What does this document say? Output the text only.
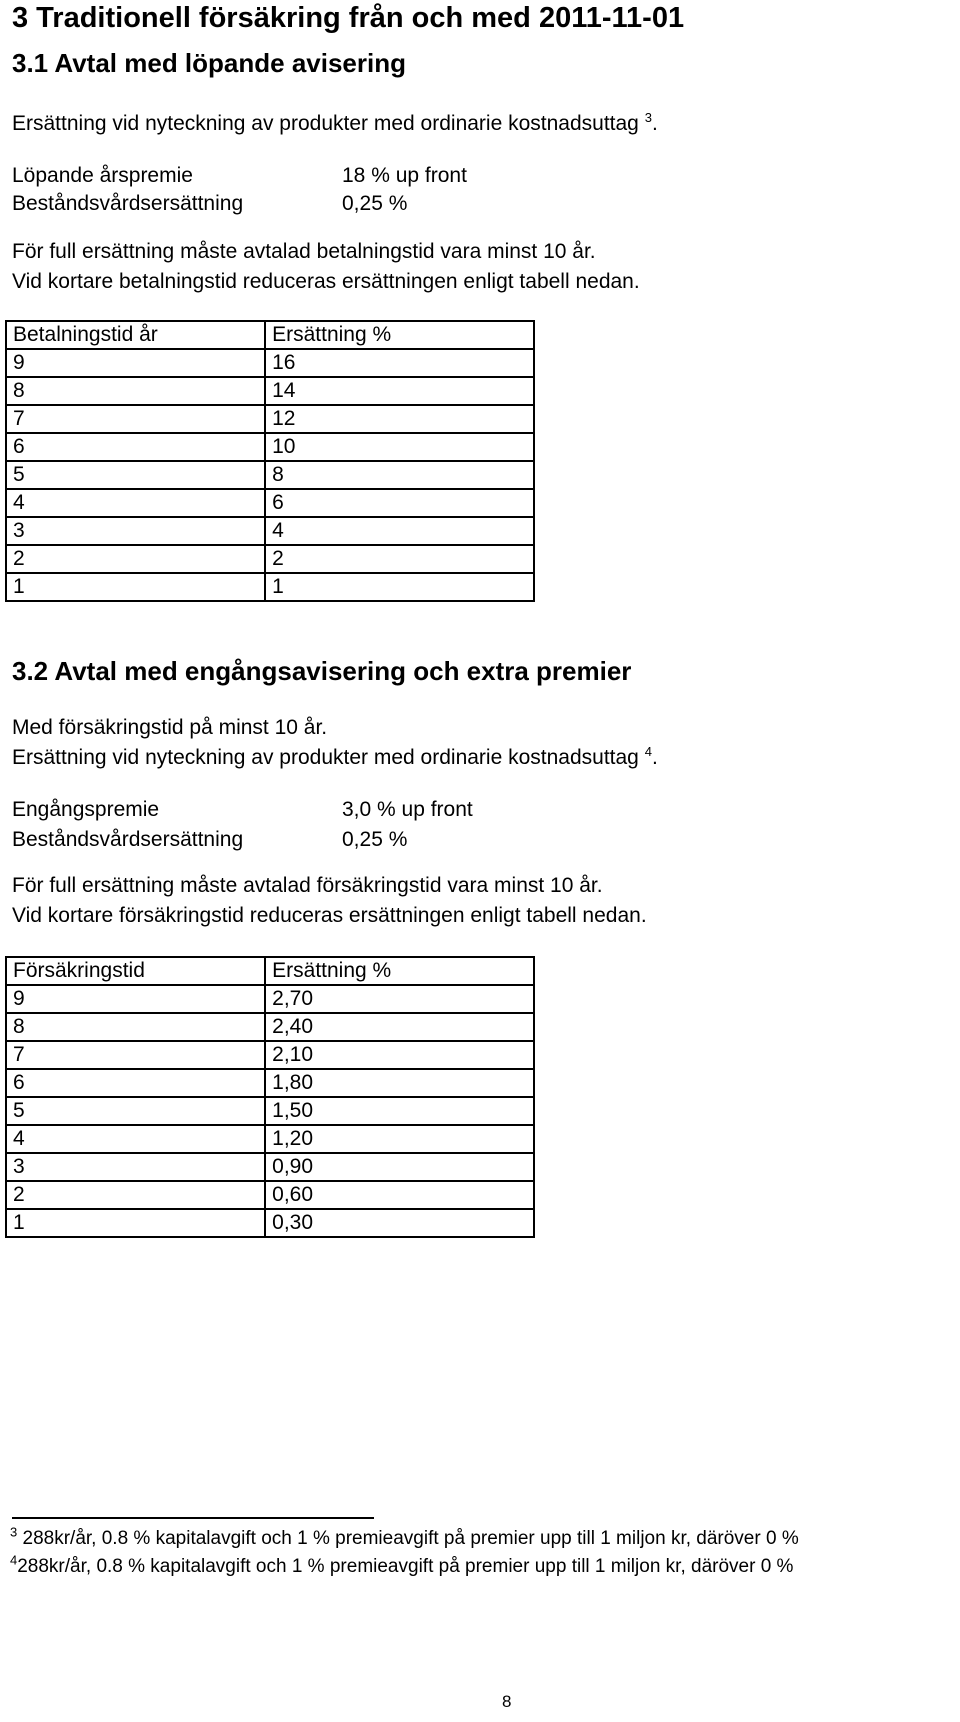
3 Traditionell försäkring från och med 2011-11-01
3.1 Avtal med löpande avisering
Ersättning vid nyteckning av produkter med ordinarie kostnadsuttag $^3$.
Löpande årspremie	18 % up front
Beståndsvårdsersättning	0,25 %
För full ersättning måste avtalad betalningstid vara minst 10 år.
Vid kortare betalningstid reduceras ersättningen enligt tabell nedan.
Betalningstid år	Ersättning %
9	16
8	14
7	12
6	10
5	8
4	6
3	4
2	2
1	1
3.2 Avtal med engångsavisering och extra premier
Med försäkringstid på minst 10 år.
Ersättning vid nyteckning av produkter med ordinarie kostnadsuttag $^4$.
Engångspremie	3,0 % up front
Beståndsvårdsersättning	0,25 %
För full ersättning måste avtalad försäkringstid vara minst 10 år.
Vid kortare försäkringstid reduceras ersättningen enligt tabell nedan.
Försäkringstid	Ersättning %
9	2,70
8	2,40
7	2,10
6	1,80
5	1,50
4	1,20
3	0,90
2	0,60
1	0,30
$^3$ 288kr/år, 0.8 % kapitalavgift och 1 % premieavgift på premier upp till 1 miljon kr, däröver 0 %
$^4$288kr/år, 0.8 % kapitalavgift och 1 % premieavgift på premier upp till 1 miljon kr, däröver 0 %
8
